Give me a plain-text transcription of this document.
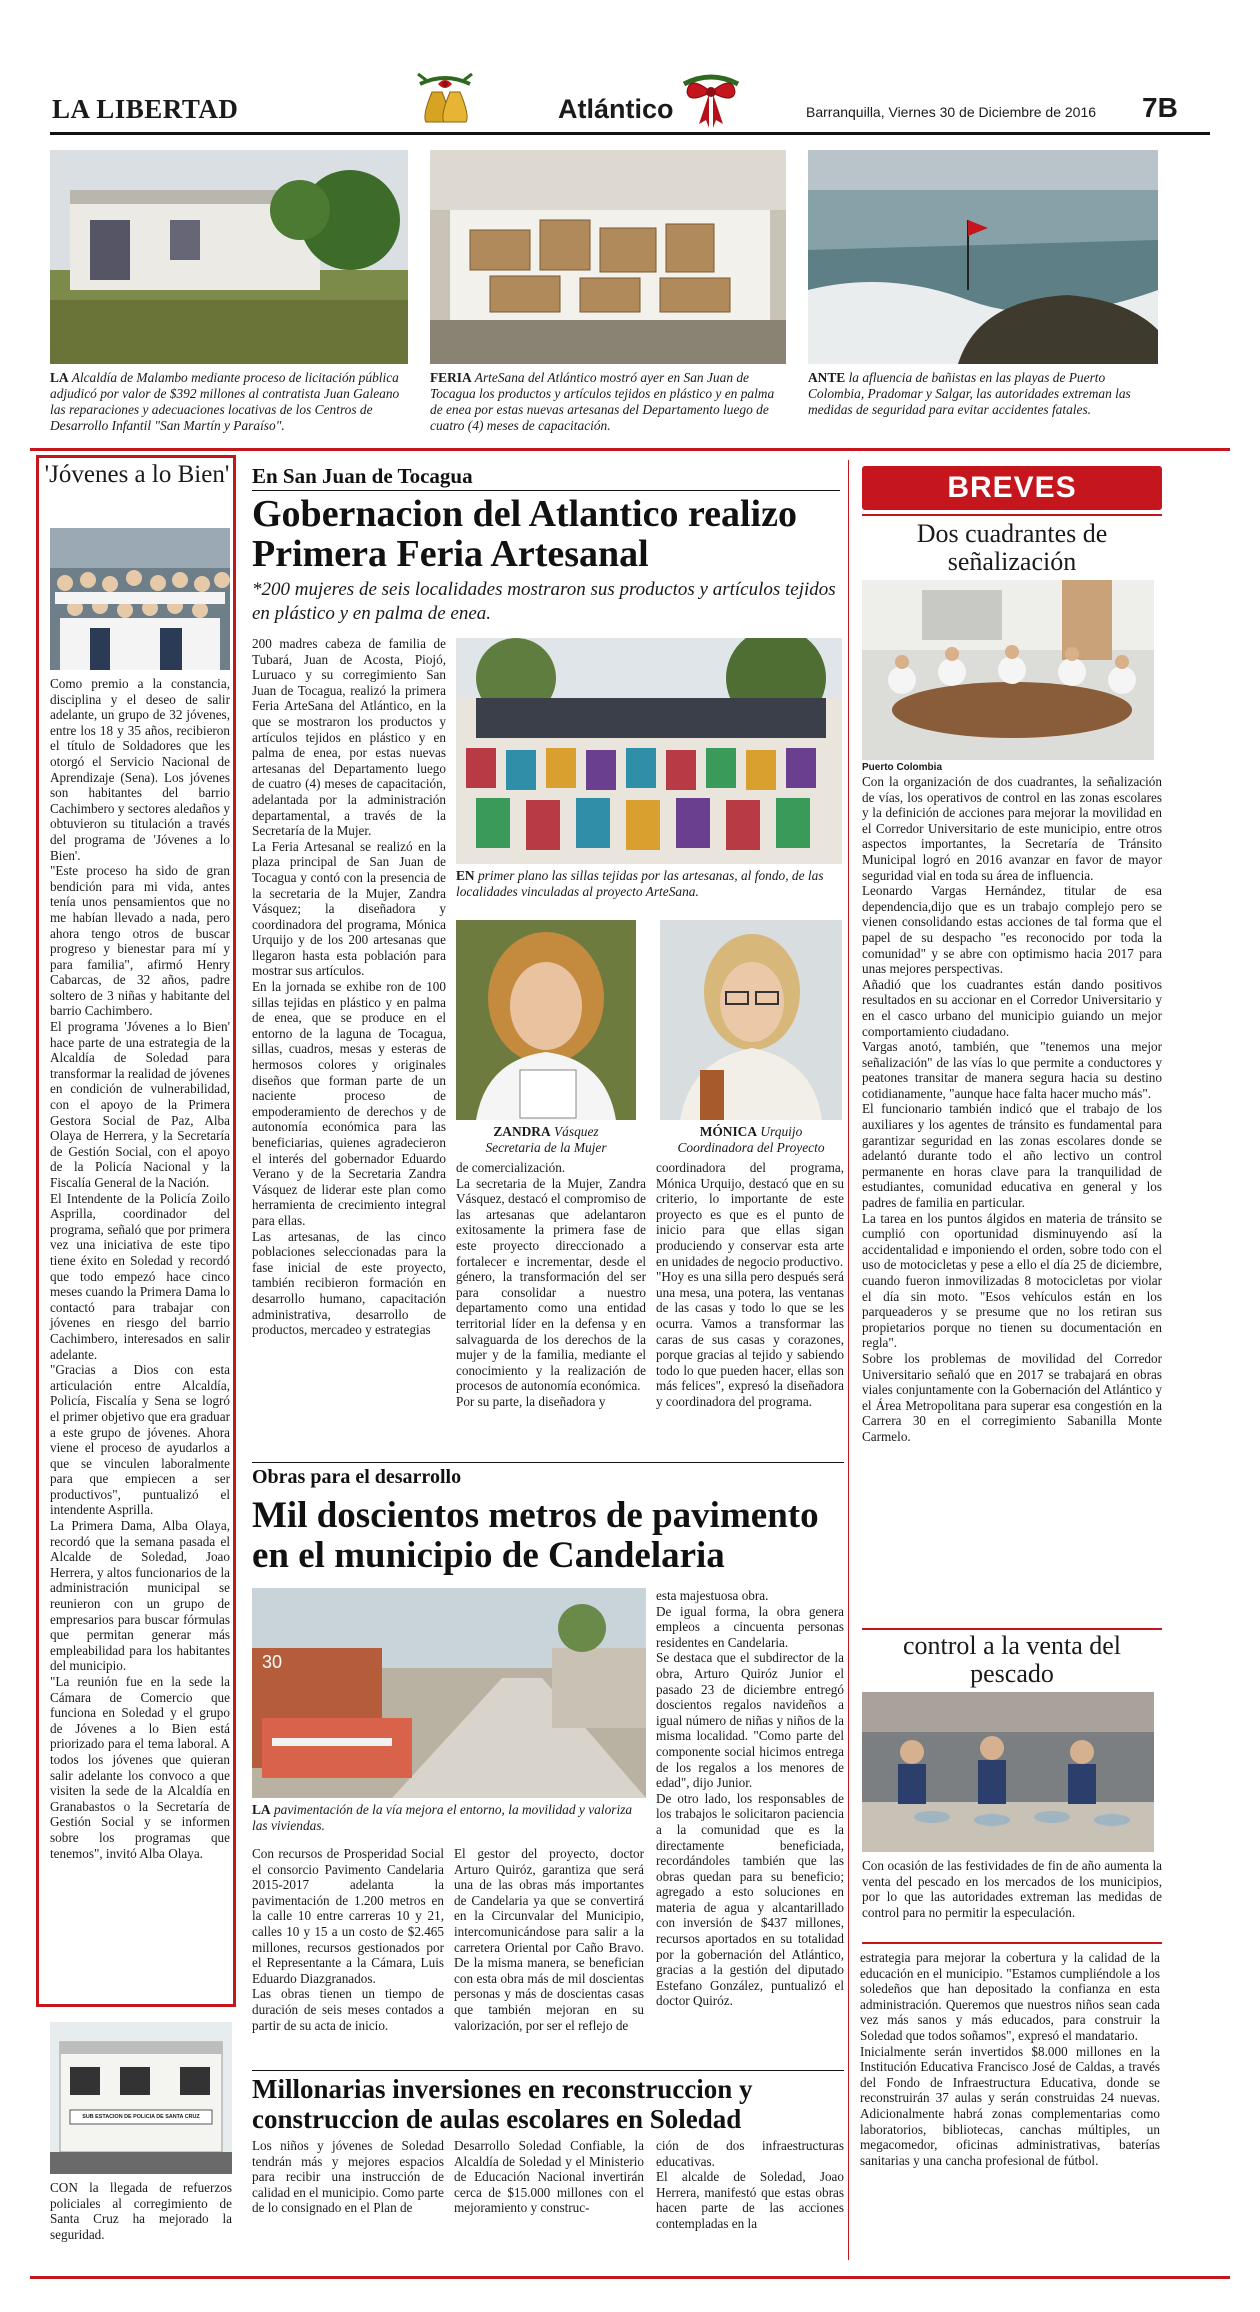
LA LIBERTAD	Atlántico	Barranquilla, Viernes 30 de Diciembre de 2016 7B
LA Alcaldía de Malambo mediante proceso de licitación pública adjudicó por valor de $392 millones al contratista Juan Galeano las reparaciones y adecuaciones locativas de los Centros de Desarrollo Infantil "San Martín y Paraíso".
FERIA ArteSana del Atlántico mostró ayer en San Juan de Tocagua los productos y artículos tejidos en plástico y en palma de enea por estas nuevas artesanas del Departamento luego de cuatro (4) meses de capacitación.
ANTE la afluencia de bañistas en las playas de Puerto Colombia, Pradomar y Salgar, las autoridades extreman las medidas de seguridad para evitar accidentes fatales.
'Jóvenes a lo Bien'
Como premio a la constancia, disciplina y el deseo de salir adelante, un grupo de 32 jóvenes, entre los 18 y 35 años, recibieron el título de Soldadores que les otorgó el Servicio Nacional de Aprendizaje (Sena). Los jóvenes son habitantes del barrio Cachimbero y sectores aledaños y obtuvieron su titulación a través del programa de 'Jóvenes a lo Bien'.
"Este proceso ha sido de gran bendición para mi vida, antes tenía unos pensamientos que no me habían llevado a nada, pero ahora tengo otros de buscar progreso y bienestar para mí y para familia", afirmó Henry Cabarcas, de 32 años, padre soltero de 3 niñas y habitante del barrio Cachimbero.
El programa 'Jóvenes a lo Bien' hace parte de una estrategia de la Alcaldía de Soledad para transformar la realidad de jóvenes en condición de vulnerabilidad, con el apoyo de la Primera Gestora Social de Paz, Alba Olaya de Herrera, y la Secretaría de Gestión Social, con el apoyo de la Policía Nacional y la Fiscalía General de la Nación.
El Intendente de la Policía Zoilo Asprilla, coordinador del programa, señaló que por primera vez una iniciativa de este tipo tiene éxito en Soledad y recordó que todo empezó hace cinco meses cuando la Primera Dama lo contactó para trabajar con jóvenes en riesgo del barrio Cachimbero, interesados en salir adelante.
"Gracias a Dios con esta articulación entre Alcaldía, Policía, Fiscalía y Sena se logró el primer objetivo que era graduar a este grupo de jóvenes. Ahora viene el proceso de ayudarlos a que se vinculen laboralmente para que empiecen a ser productivos", puntualizó el intendente Asprilla.
La Primera Dama, Alba Olaya, recordó que la semana pasada el Alcalde de Soledad, Joao Herrera, y altos funcionarios de la administración municipal se reunieron con un grupo de empresarios para buscar fórmulas que permitan generar más empleabilidad para los habitantes del municipio.
"La reunión fue en la sede la Cámara de Comercio que funciona en Soledad y el grupo de Jóvenes a lo Bien está priorizado para el tema laboral. A todos los jóvenes que quieran salir adelante los convoco a que visiten la sede de la Alcaldía en Granabastos o la Secretaría de Gestión Social y se informen sobre los programas que tenemos", invitó Alba Olaya.
SUB ESTACION DE POLICIA DE SANTA CRUZ
CON la llegada de refuerzos policiales al corregimiento de Santa Cruz ha mejorado la seguridad.
En San Juan de Tocagua
Gobernacion del Atlantico realizo Primera Feria Artesanal
*200 mujeres de seis localidades mostraron sus productos y artículos tejidos en plástico y en palma de enea.
200 madres cabeza de familia de Tubará, Juan de Acosta, Piojó, Luruaco y su corregimiento San Juan de Tocagua, realizó la primera Feria ArteSana del Atlántico, en la que se mostraron los productos y artículos tejidos en plástico y en palma de enea, por estas nuevas artesanas del Departamento luego de cuatro (4) meses de capacitación, adelantada por la administración departamental, a través de la Secretaría de la Mujer.
La Feria Artesanal se realizó en la plaza principal de San Juan de Tocagua y contó con la presencia de la secretaria de la Mujer, Zandra Vásquez; la diseñadora y coordinadora del programa, Mónica Urquijo y de los 200 artesanas que llegaron hasta esta población para mostrar sus artículos.
En la jornada se exhibe ron de 100 sillas tejidas en plástico y en palma de enea, que se produce en el entorno de la laguna de Tocagua, sillas, cuadros, mesas y esteras de hermosos colores y originales diseños que forman parte de un naciente proceso de empoderamiento de derechos y de autonomía económica para las beneficiarias, quienes agradecieron el interés del gobernador Eduardo Verano y de la Secretaria Zandra Vásquez de liderar este plan como herramienta de crecimiento integral para ellas.
Las artesanas, de las cinco poblaciones seleccionadas para la fase inicial de este proyecto, también recibieron formación en desarrollo humano, capacitación administrativa, desarrollo de productos, mercadeo y estrategias
EN primer plano las sillas tejidas por las artesanas, al fondo, de las localidades vinculadas al proyecto ArteSana.
ZANDRA Vásquez
Secretaria de la Mujer
MÓNICA Urquijo
Coordinadora del Proyecto
de comercialización.
La secretaria de la Mujer, Zandra Vásquez, destacó el compromiso de las artesanas que adelantaron exitosamente la primera fase de este proyecto direccionado a fortalecer e incrementar, desde el género, la transformación del ser para consolidar a nuestro departamento como una entidad territorial líder en la defensa y en salvaguarda de los derechos de la mujer y de la familia, mediante el conocimiento y la realización de procesos de autonomía económica.
Por su parte, la diseñadora y
coordinadora del programa, Mónica Urquijo, destacó que en su criterio, lo importante de este proyecto es que es el punto de inicio para que ellas sigan produciendo y conservar esta arte en unidades de negocio productivo.
"Hoy es una silla pero después será una mesa, una potera, las ventanas de las casas y todo lo que se les ocurra. Vamos a transformar las caras de sus casas y corazones, porque gracias al tejido y sabiendo todo lo que pueden hacer, ellas son más felices", expresó la diseñadora y coordinadora del programa.
Obras para el desarrollo
Mil doscientos metros de pavimento en el municipio de Candelaria
30
LA pavimentación de la vía mejora el entorno, la movilidad y valoriza las viviendas.
Con recursos de Prosperidad Social el consorcio Pavimento Candelaria 2015-2017 adelanta la pavimentación de 1.200 metros en la calle 10 entre carreras 10 y 21, calles 10 y 15 a un costo de $2.465 millones, recursos gestionados por el Representante a la Cámara, Luis Eduardo Diazgranados.
Las obras tienen un tiempo de duración de seis meses contados a partir de su acta de inicio.
El gestor del proyecto, doctor Arturo Quiróz, garantiza que será una de las obras más importantes de Candelaria ya que se convertirá en la Circunvalar del Municipio, intercomunicándose para salir a la carretera Oriental por Caño Bravo. De la misma manera, se benefician con esta obra más de mil doscientas personas y más de doscientas casas que también mejoran en su valorización, por ser el reflejo de
esta majestuosa obra.
De igual forma, la obra genera empleos a cincuenta personas residentes en Candelaria.
Se destaca que el subdirector de la obra, Arturo Quiróz Junior el pasado 23 de diciembre entregó doscientos regalos navideños a igual número de niñas y niños de la misma localidad. "Como parte del componente social hicimos entrega de los regalos a los menores de edad", dijo Junior.
De otro lado, los responsables de los trabajos le solicitaron paciencia a la comunidad que es la directamente beneficiada, recordándoles también que las obras quedan para su beneficio; agregado a esto soluciones en materia de agua y alcantarillado con inversión de $437 millones, recursos aportados en su totalidad por la gobernación del Atlántico, gracias a la gestión del diputado Estefano González, puntualizó el doctor Quiróz.
Millonarias inversiones en reconstruccion y construccion de aulas escolares en Soledad
Los niños y jóvenes de Soledad tendrán más y mejores espacios para recibir una instrucción de calidad en el municipio. Como parte de lo consignado en el Plan de
Desarrollo Soledad Confiable, la Alcaldía de Soledad y el Ministerio de Educación Nacional invertirán cerca de $15.000 millones con el mejoramiento y construc-
ción de dos infraestructuras educativas.
El alcalde de Soledad, Joao Herrera, manifestó que estas obras hacen parte de las acciones contempladas en la
estrategia para mejorar la cobertura y la calidad de la educación en el municipio. "Estamos cumpliéndole a los soledeños que han depositado la confianza en esta administración. Queremos que nuestros niños sean cada vez más sanos y más educados, para construir la Soledad que todos soñamos", expresó el mandatario.
Inicialmente serán invertidos $8.000 millones en la Institución Educativa Francisco José de Caldas, a través del Fondo de Infraestructura Educativa, donde se reconstruirán 37 aulas y serán construidas 24 nuevas. Adicionalmente habrá zonas complementarias como laboratorios, bibliotecas, canchas múltiples, un megacomedor, oficinas administrativas, baterías sanitarias y una cancha profesional de fútbol.
BREVES
Dos cuadrantes de señalización
Puerto Colombia
Con la organización de dos cuadrantes, la señalización de vías, los operativos de control en las zonas escolares y la definición de acciones para mejorar la movilidad en el Corredor Universitario de este municipio, entre otros aspectos importantes, la Secretaría de Tránsito Municipal logró en 2016 avanzar en favor de mayor seguridad vial en toda su área de influencia.
Leonardo Vargas Hernández, titular de esa dependencia,dijo que es un trabajo complejo pero se vienen consolidando estas acciones de tal forma que el papel de su despacho "es reconocido por toda la comunidad" y se abre con optimismo hacia 2017 para unas mejores perspectivas.
Añadió que los cuadrantes están dando positivos resultados en su accionar en el Corredor Universitario y en el casco urbano del municipio guiando un mejor comportamiento ciudadano.
Vargas anotó, también, que "tenemos una mejor señalización" de las vías lo que permite a conductores y peatones transitar de manera segura hacia su destino cotidianamente, "aunque hace falta hacer mucho más".
El funcionario también indicó que el trabajo de los auxiliares y los agentes de tránsito es fundamental para garantizar seguridad en las zonas escolares donde se adelantó durante todo el año lectivo un control permanente en horas clave para la tranquilidad de estudiantes, comunidad educativa en general y los padres de familia en particular.
La tarea en los puntos álgidos en materia de tránsito se cumplió con oportunidad disminuyendo así la accidentalidad e imponiendo el orden, sobre todo con el uso de motocicletas y pese a ello el día 25 de diciembre, cuando fueron inmovilizadas 8 motocicletas por violar el día sin moto. "Esos vehículos están en los parqueaderos y se presume que no los retiran sus propietarios porque no tienen su documentación en regla".
Sobre los problemas de movilidad del Corredor Universitario señaló que en 2017 se trabajará en obras viales conjuntamente con la Gobernación del Atlántico y el Área Metropolitana para superar esa congestión en la Carrera 30 en el corregimiento Sabanilla Monte Carmelo.
control a la venta del pescado
Con ocasión de las festividades de fin de año aumenta la venta del pescado en los mercados de los municipios, por lo que las autoridades extreman las medidas de control para no permitir la especulación.
